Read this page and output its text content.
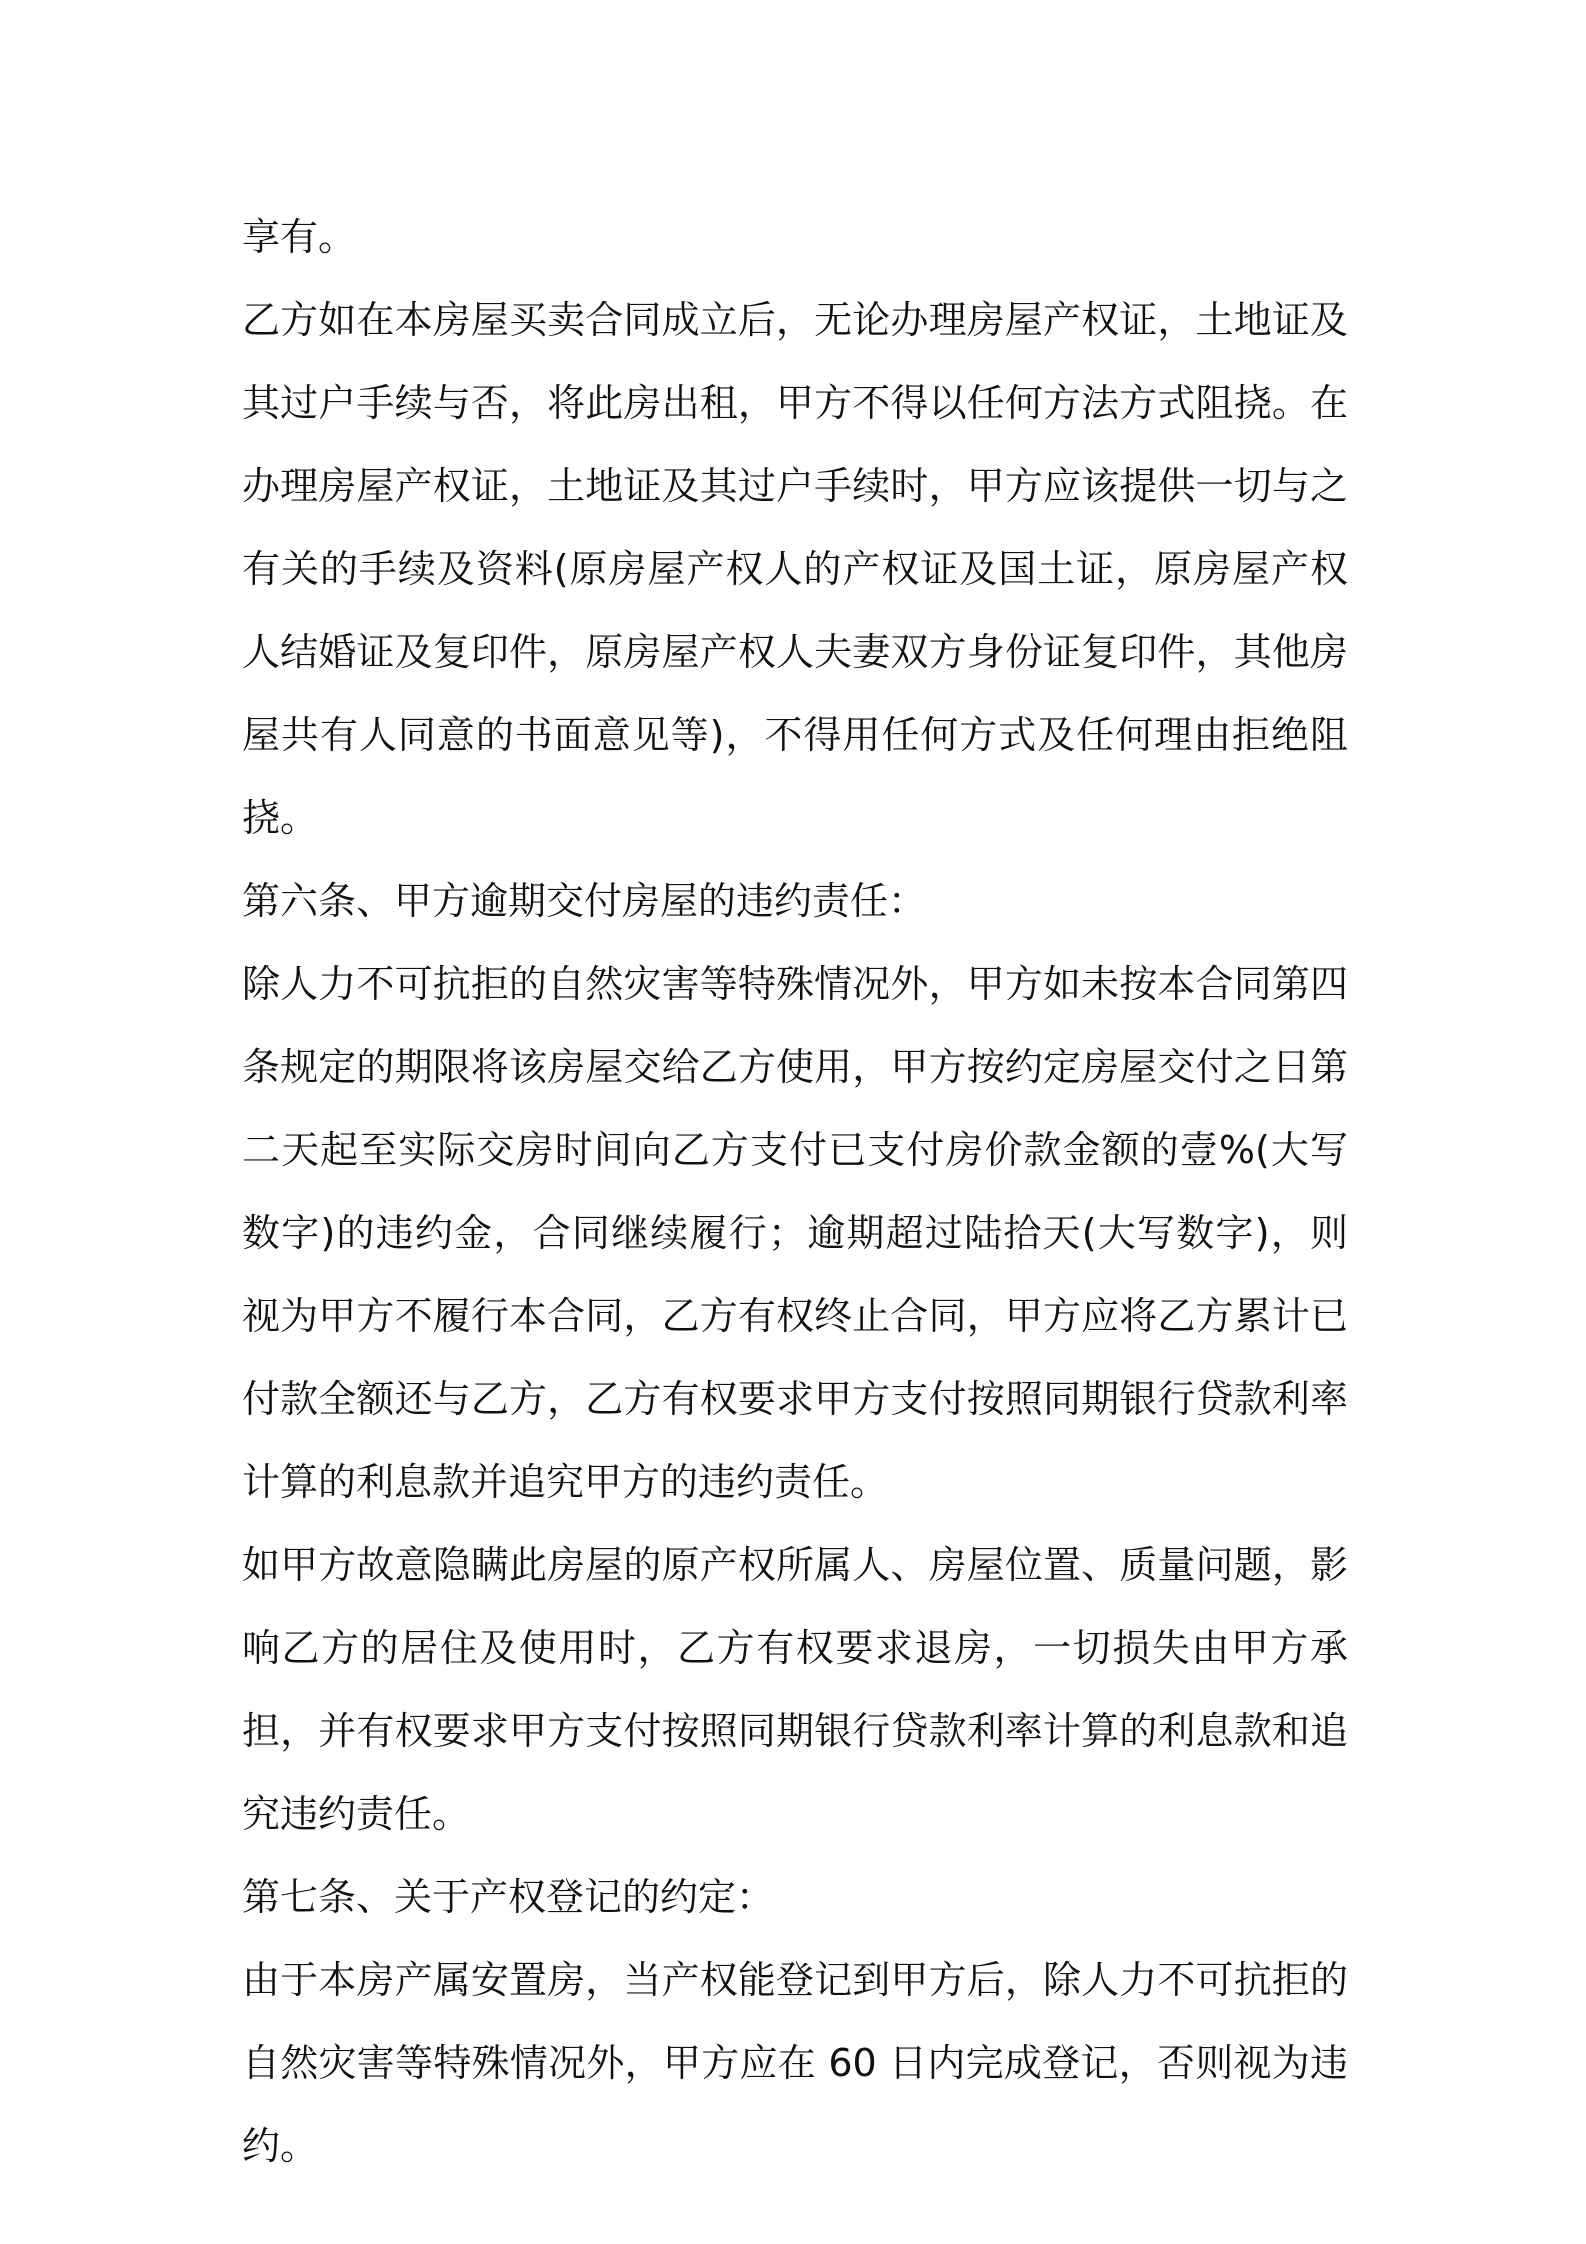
享有。

乙方如在本房屋买卖合同成立后，无论办理房屋产权证，土地证及其过户手续与否，将此房出租，甲方不得以任何方法方式阻挠。在办理房屋产权证，土地证及其过户手续时，甲方应该提供一切与之有关的手续及资料(原房屋产权人的产权证及国土证，原房屋产权人结婚证及复印件，原房屋产权人夫妻双方身份证复印件，其他房屋共有人同意的书面意见等)，不得用任何方式及任何理由拒绝阻挠。

第六条、甲方逾期交付房屋的违约责任：

除人力不可抗拒的自然灾害等特殊情况外，甲方如未按本合同第四条规定的期限将该房屋交给乙方使用，甲方按约定房屋交付之日第二天起至实际交房时间向乙方支付已支付房价款金额的壹%(大写数字)的违约金，合同继续履行；逾期超过陆拾天(大写数字)，则视为甲方不履行本合同，乙方有权终止合同，甲方应将乙方累计已付款全额还与乙方，乙方有权要求甲方支付按照同期银行贷款利率计算的利息款并追究甲方的违约责任。

如甲方故意隐瞒此房屋的原产权所属人、房屋位置、质量问题，影响乙方的居住及使用时，乙方有权要求退房，一切损失由甲方承担，并有权要求甲方支付按照同期银行贷款利率计算的利息款和追究违约责任。

第七条、关于产权登记的约定：

由于本房产属安置房，当产权能登记到甲方后，除人力不可抗拒的自然灾害等特殊情况外，甲方应在 60 日内完成登记，否则视为违约。
